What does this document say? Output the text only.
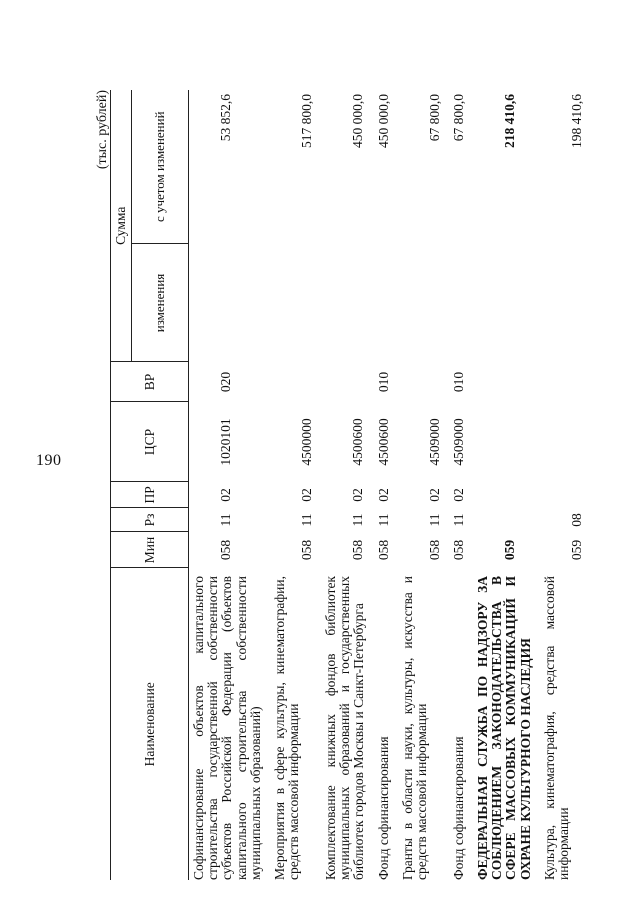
190
(тыс. рублей)
Наименование	Мин	Рз	ПР	ЦСР	ВР	Сумма	
						изменения	с учетом изменений
Софинансирование объектов капитального строительства государственной собственности субъектов Российской Федерации (объектов капитального строительства собственности муниципальных образований)	058	11	02	1020101	020		53 852,6
Мероприятия в сфере культуры, кинематографии, средств массовой информации	058	11	02	4500000			517 800,0
Комплектование книжных фондов библиотек муниципальных образований и государственных библиотек городов Москвы и Санкт-Петербурга	058	11	02	4500600			450 000,0
Фонд софинансирования	058	11	02	4500600	010		450 000,0
Гранты в области науки, культуры, искусства и средств массовой информации	058	11	02	4509000			67 800,0
Фонд софинансирования	058	11	02	4509000	010		67 800,0
ФЕДЕРАЛЬНАЯ СЛУЖБА ПО НАДЗОРУ ЗА СОБЛЮДЕНИЕМ ЗАКОНОДАТЕЛЬСТВА В СФЕРЕ МАССОВЫХ КОММУНИКАЦИЙ И ОХРАНЕ КУЛЬТУРНОГО НАСЛЕДИЯ	059						218 410,6
Культура, кинематография, средства массовой информации	059	08					198 410,6
